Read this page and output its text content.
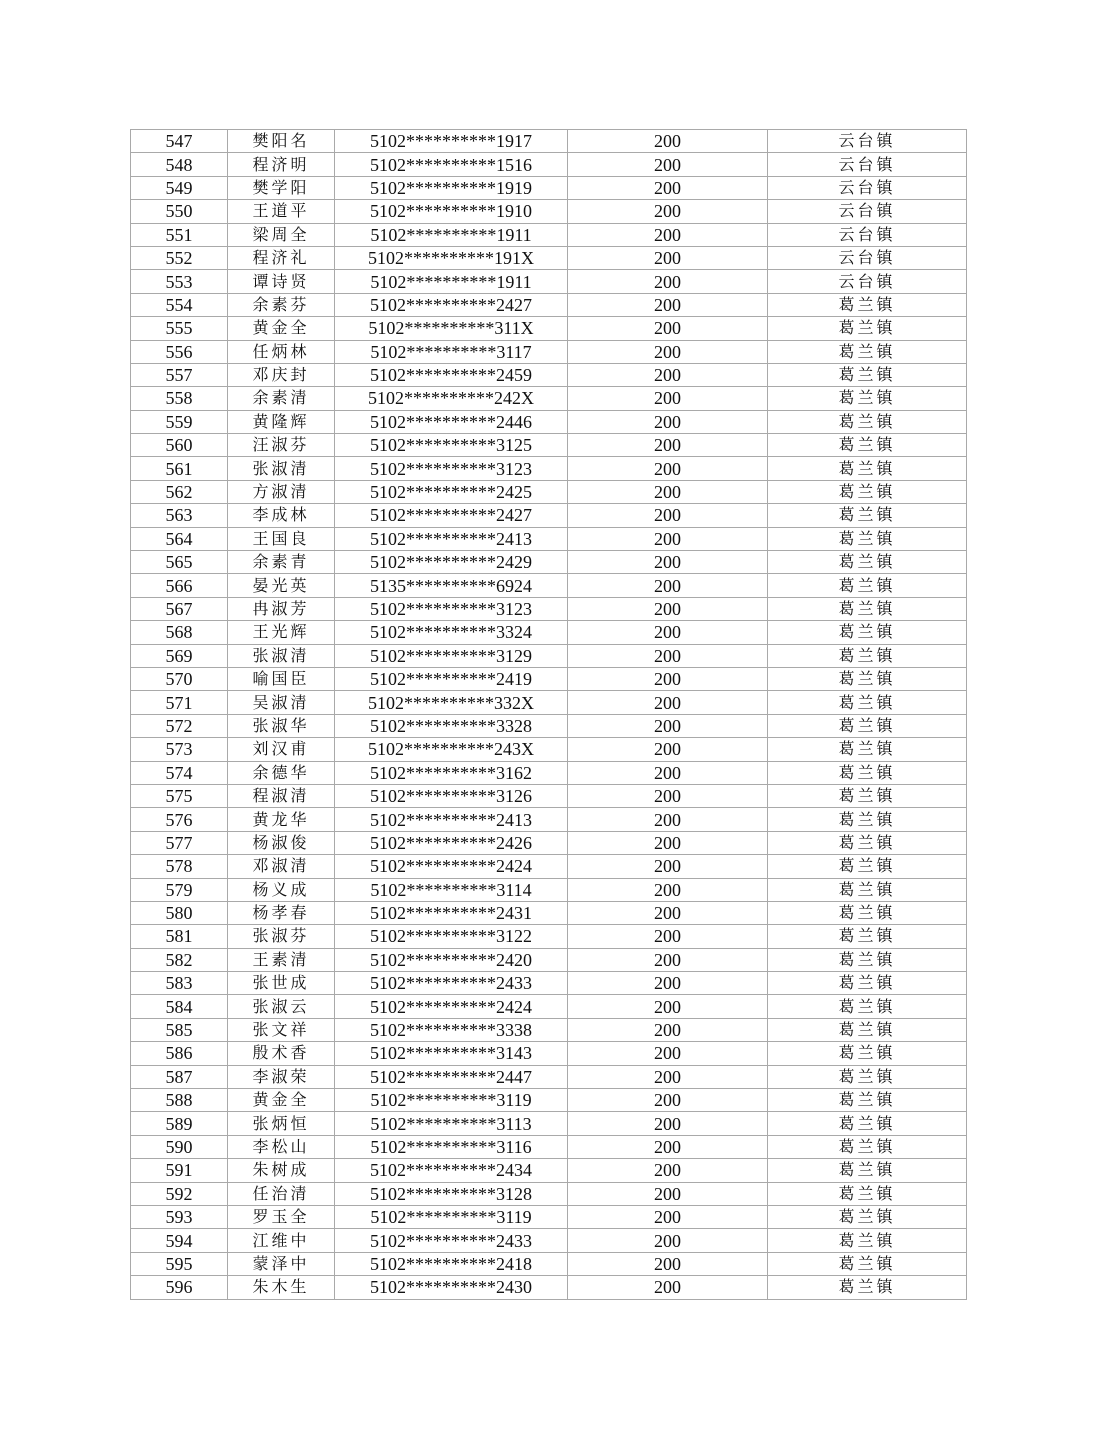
547	樊阳名	5102**********1917	200	云台镇
548	程济明	5102**********1516	200	云台镇
549	樊学阳	5102**********1919	200	云台镇
550	王道平	5102**********1910	200	云台镇
551	梁周全	5102**********1911	200	云台镇
552	程济礼	5102**********191X	200	云台镇
553	谭诗贤	5102**********1911	200	云台镇
554	余素芬	5102**********2427	200	葛兰镇
555	黄金全	5102**********311X	200	葛兰镇
556	任炳林	5102**********3117	200	葛兰镇
557	邓庆封	5102**********2459	200	葛兰镇
558	余素清	5102**********242X	200	葛兰镇
559	黄隆辉	5102**********2446	200	葛兰镇
560	汪淑芬	5102**********3125	200	葛兰镇
561	张淑清	5102**********3123	200	葛兰镇
562	方淑清	5102**********2425	200	葛兰镇
563	李成林	5102**********2427	200	葛兰镇
564	王国良	5102**********2413	200	葛兰镇
565	余素青	5102**********2429	200	葛兰镇
566	晏光英	5135**********6924	200	葛兰镇
567	冉淑芳	5102**********3123	200	葛兰镇
568	王光辉	5102**********3324	200	葛兰镇
569	张淑清	5102**********3129	200	葛兰镇
570	喻国臣	5102**********2419	200	葛兰镇
571	吴淑清	5102**********332X	200	葛兰镇
572	张淑华	5102**********3328	200	葛兰镇
573	刘汉甫	5102**********243X	200	葛兰镇
574	余德华	5102**********3162	200	葛兰镇
575	程淑清	5102**********3126	200	葛兰镇
576	黄龙华	5102**********2413	200	葛兰镇
577	杨淑俊	5102**********2426	200	葛兰镇
578	邓淑清	5102**********2424	200	葛兰镇
579	杨义成	5102**********3114	200	葛兰镇
580	杨孝春	5102**********2431	200	葛兰镇
581	张淑芬	5102**********3122	200	葛兰镇
582	王素清	5102**********2420	200	葛兰镇
583	张世成	5102**********2433	200	葛兰镇
584	张淑云	5102**********2424	200	葛兰镇
585	张文祥	5102**********3338	200	葛兰镇
586	殷术香	5102**********3143	200	葛兰镇
587	李淑荣	5102**********2447	200	葛兰镇
588	黄金全	5102**********3119	200	葛兰镇
589	张炳恒	5102**********3113	200	葛兰镇
590	李松山	5102**********3116	200	葛兰镇
591	朱树成	5102**********2434	200	葛兰镇
592	任治清	5102**********3128	200	葛兰镇
593	罗玉全	5102**********3119	200	葛兰镇
594	江维中	5102**********2433	200	葛兰镇
595	蒙泽中	5102**********2418	200	葛兰镇
596	朱木生	5102**********2430	200	葛兰镇
